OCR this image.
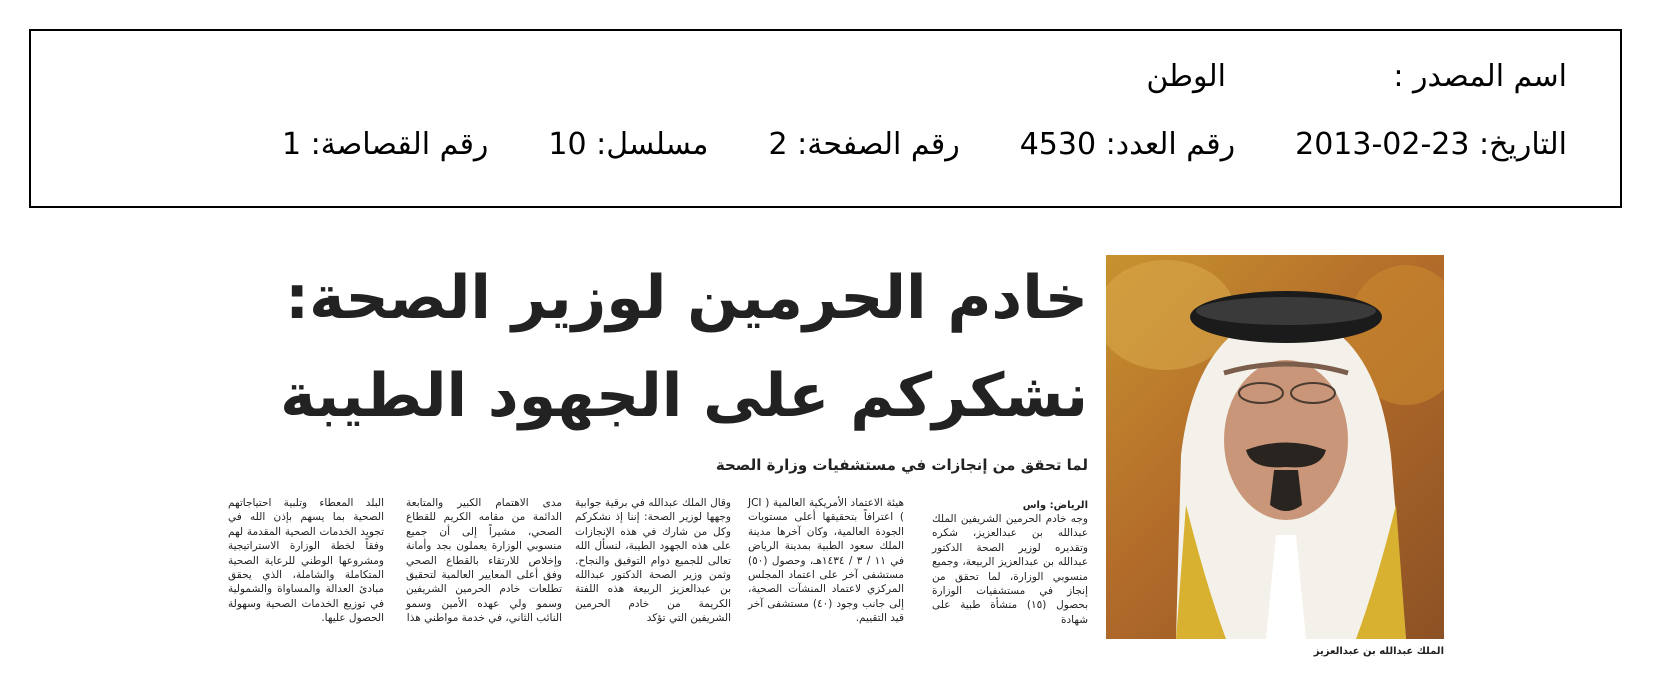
اسم المصدر :
الوطن
التاريخ: 2013-02-23
رقم العدد: 4530
رقم الصفحة: 2
مسلسل: 10
رقم القصاصة: 1
الملك عبدالله بن عبدالعزيز
خادم الحرمين لوزير الصحة:
نشكركم على الجهود الطيبة
لما تحقق من إنجازات في مستشفيات وزارة الصحة
الرياض: واس
وجه خادم الحرمين الشريفين الملك عبدالله بن عبدالعزيز، شكره وتقديره لوزير الصحة الدكتور عبدالله بن عبدالعزيز الربيعة، وجميع منسوبي الوزارة، لما تحقق من إنجاز في مستشفيات الوزارة بحصول (١٥) منشأة طبية على شهادة
هيئة الاعتماد الأمريكية العالمية ( JCI ) اعترافاً بتحقيقها أعلى مستويات الجودة العالمية، وكان آخرها مدينة الملك سعود الطبية بمدينة الرياض في ١١ / ٣ / ١٤٣٤هـ، وحصول (٥٠) مستشفى آخر على اعتماد المجلس المركزي لاعتماد المنشآت الصحية، إلى جانب وجود (٤٠) مستشفى آخر قيد التقييم.
وقال الملك عبدالله في برقية جوابية وجهها لوزير الصحة: إننا إذ نشكركم وكل من شارك في هذه الإنجازات على هذه الجهود الطيبة، لنسأل الله تعالى للجميع دوام التوفيق والنجاح. وثمن وزير الصحة الدكتور عبدالله بن عبدالعزيز الربيعة هذه اللفتة الكريمة من خادم الحرمين الشريفين التي تؤكد
مدى الاهتمام الكبير والمتابعة الدائمة من مقامه الكريم للقطاع الصحي، مشيراً إلى أن جميع منسوبي الوزارة يعملون بجد وأمانة وإخلاص للارتقاء بالقطاع الصحي وفق أعلى المعايير العالمية لتحقيق تطلعات خادم الحرمين الشريفين وسمو ولي عهده الأمين وسمو النائب الثاني، في خدمة مواطني هذا
البلد المعطاء وتلبية احتياجاتهم الصحية بما يسهم بإذن الله في تجويد الخدمات الصحية المقدمة لهم وفقاً لخطة الوزارة الاستراتيجية ومشروعها الوطني للرعاية الصحية المتكاملة والشاملة، الذي يحقق مبادئ العدالة والمساواة والشمولية في توزيع الخدمات الصحية وسهولة الحصول عليها.
